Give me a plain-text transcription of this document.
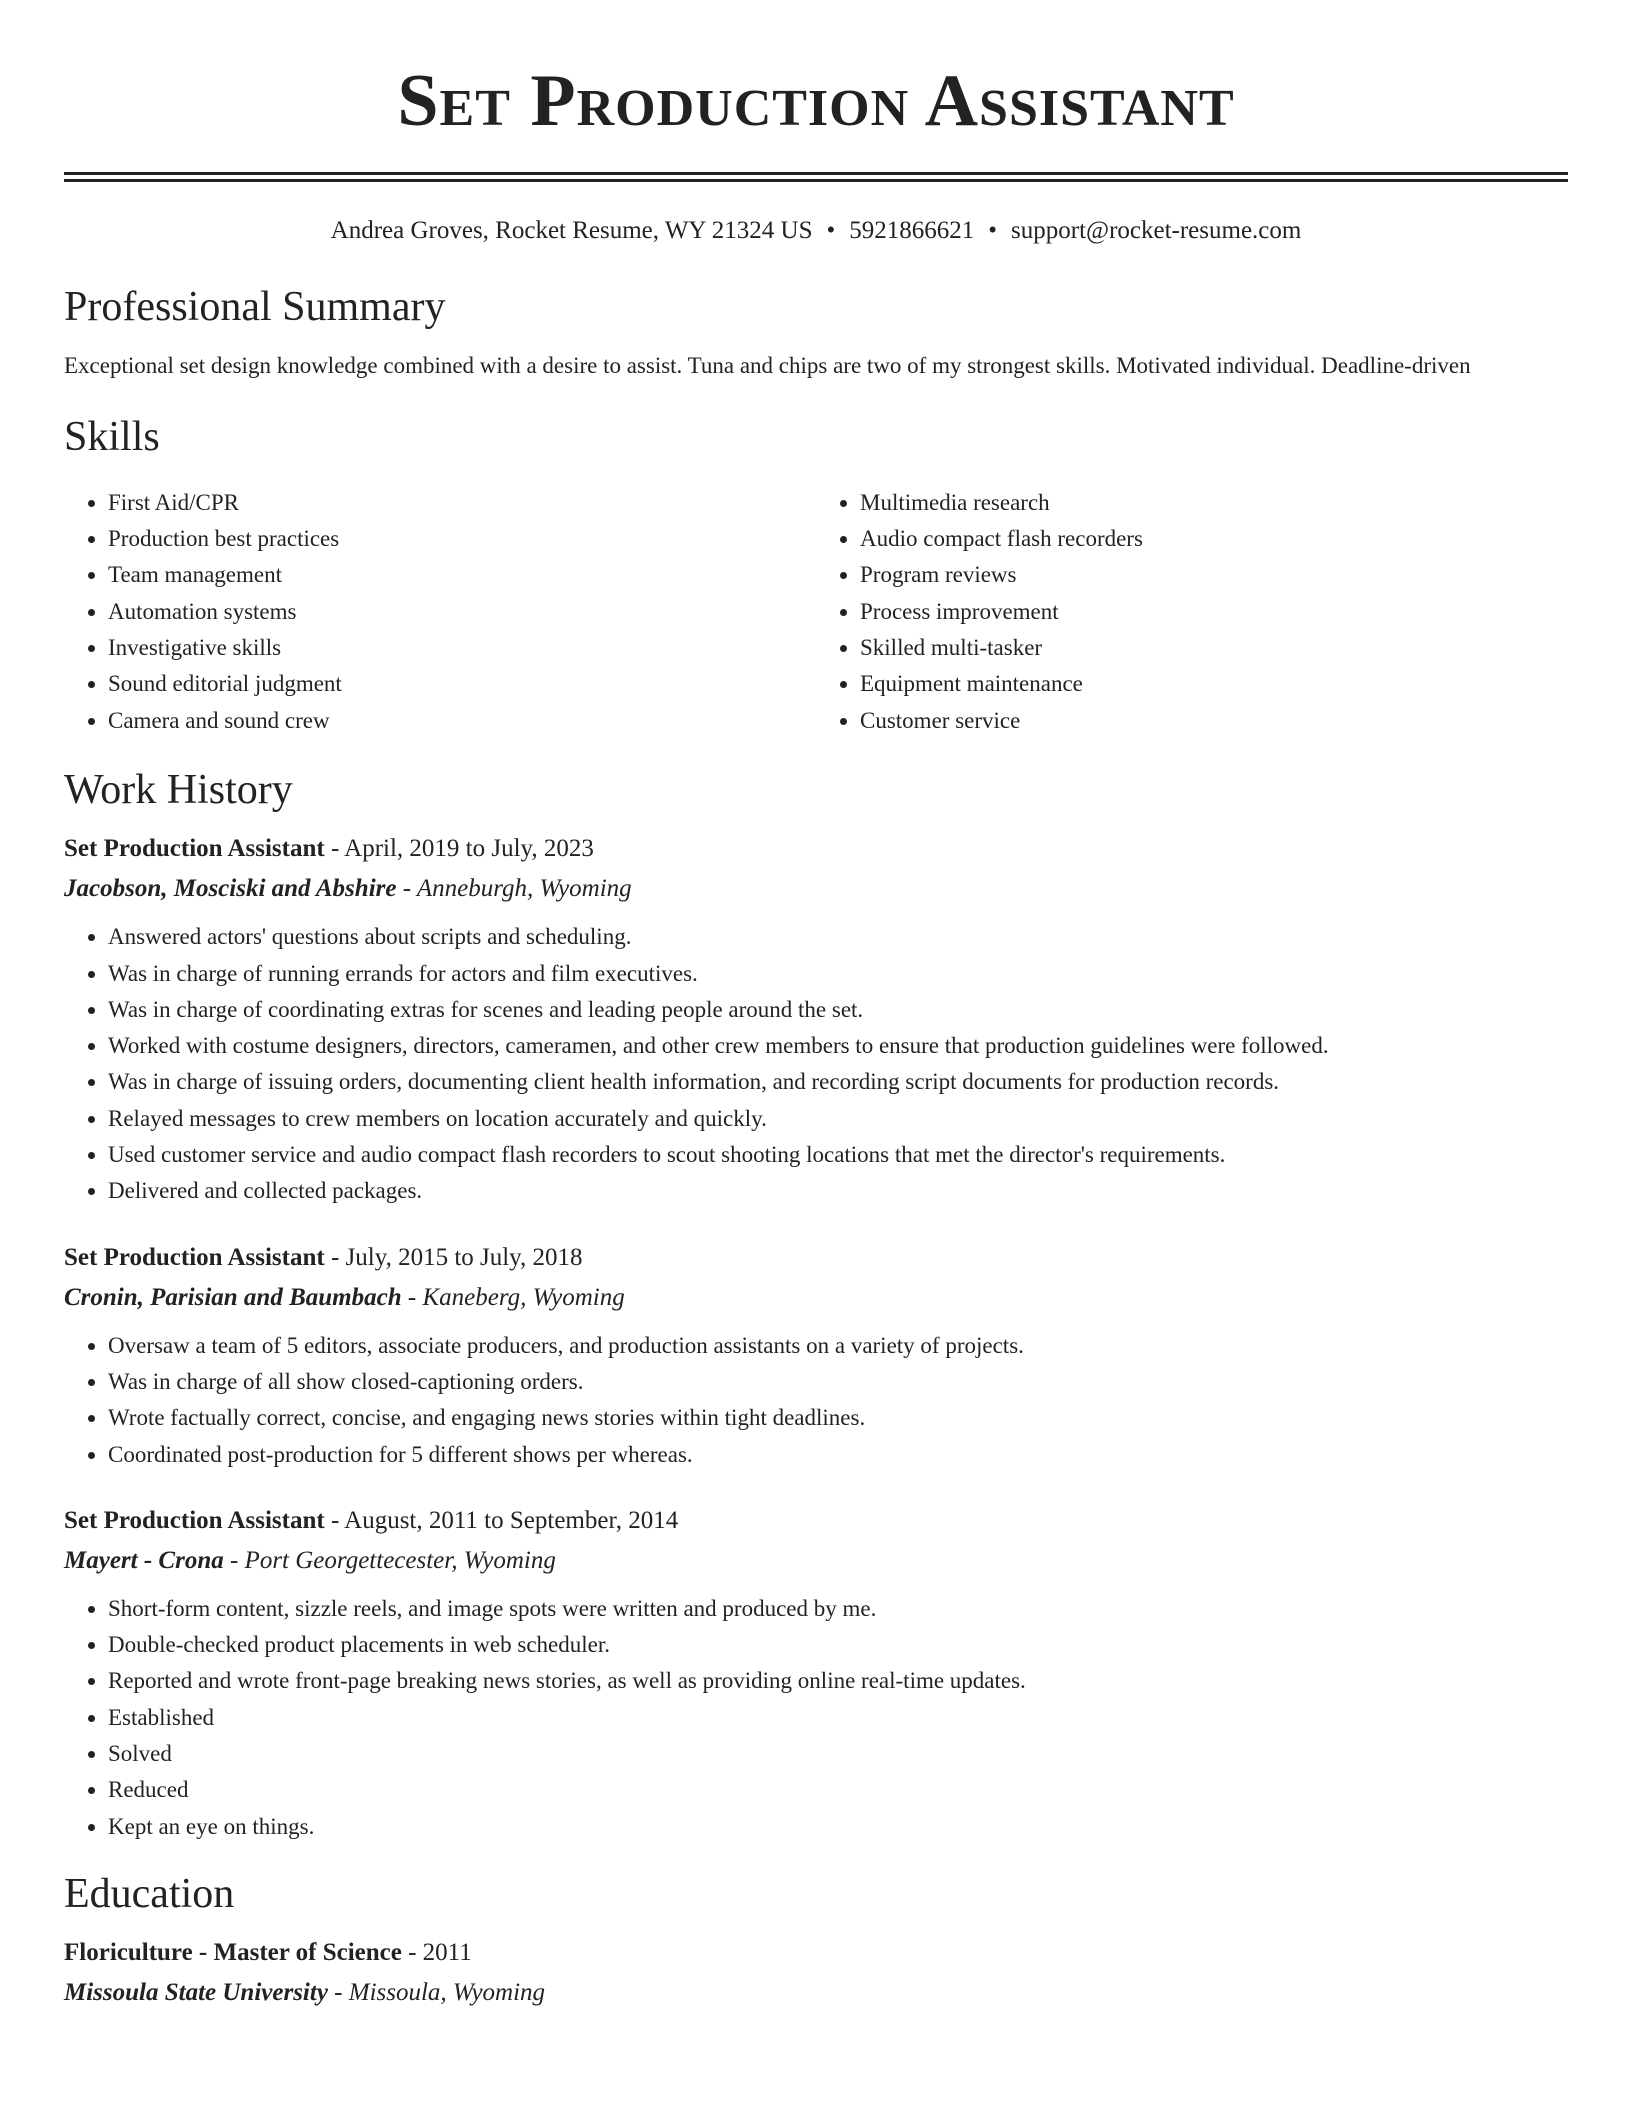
Set Production Assistant
Andrea Groves, Rocket Resume, WY 21324 US • 5921866621 • support@rocket-resume.com
Professional Summary

Exceptional set design knowledge combined with a desire to assist. Tuna and chips are two of my strongest skills. Motivated individual. Deadline-driven

Skills
• First Aid/CPR
• Production best practices
• Team management
• Automation systems
• Investigative skills
• Sound editorial judgment
• Camera and sound crew
• Multimedia research
• Audio compact flash recorders
• Program reviews
• Process improvement
• Skilled multi-tasker
• Equipment maintenance
• Customer service
Work History

Set Production Assistant - April, 2019 to July, 2023

Jacobson, Mosciski and Abshire - Anneburgh, Wyoming

• Answered actors' questions about scripts and scheduling.
• Was in charge of running errands for actors and film executives.
• Was in charge of coordinating extras for scenes and leading people around the set.
• Worked with costume designers, directors, cameramen, and other crew members to ensure that production guidelines were followed.
• Was in charge of issuing orders, documenting client health information, and recording script documents for production records.
• Relayed messages to crew members on location accurately and quickly.
• Used customer service and audio compact flash recorders to scout shooting locations that met the director's requirements.
• Delivered and collected packages.

Set Production Assistant - July, 2015 to July, 2018

Cronin, Parisian and Baumbach - Kaneberg, Wyoming

• Oversaw a team of 5 editors, associate producers, and production assistants on a variety of projects.
• Was in charge of all show closed-captioning orders.
• Wrote factually correct, concise, and engaging news stories within tight deadlines.
• Coordinated post-production for 5 different shows per whereas.

Set Production Assistant - August, 2011 to September, 2014

Mayert - Crona - Port Georgettecester, Wyoming

• Short-form content, sizzle reels, and image spots were written and produced by me.
• Double-checked product placements in web scheduler.
• Reported and wrote front-page breaking news stories, as well as providing online real-time updates.
• Established
• Solved
• Reduced
• Kept an eye on things.
Education

Floriculture - Master of Science - 2011

Missoula State University - Missoula, Wyoming
